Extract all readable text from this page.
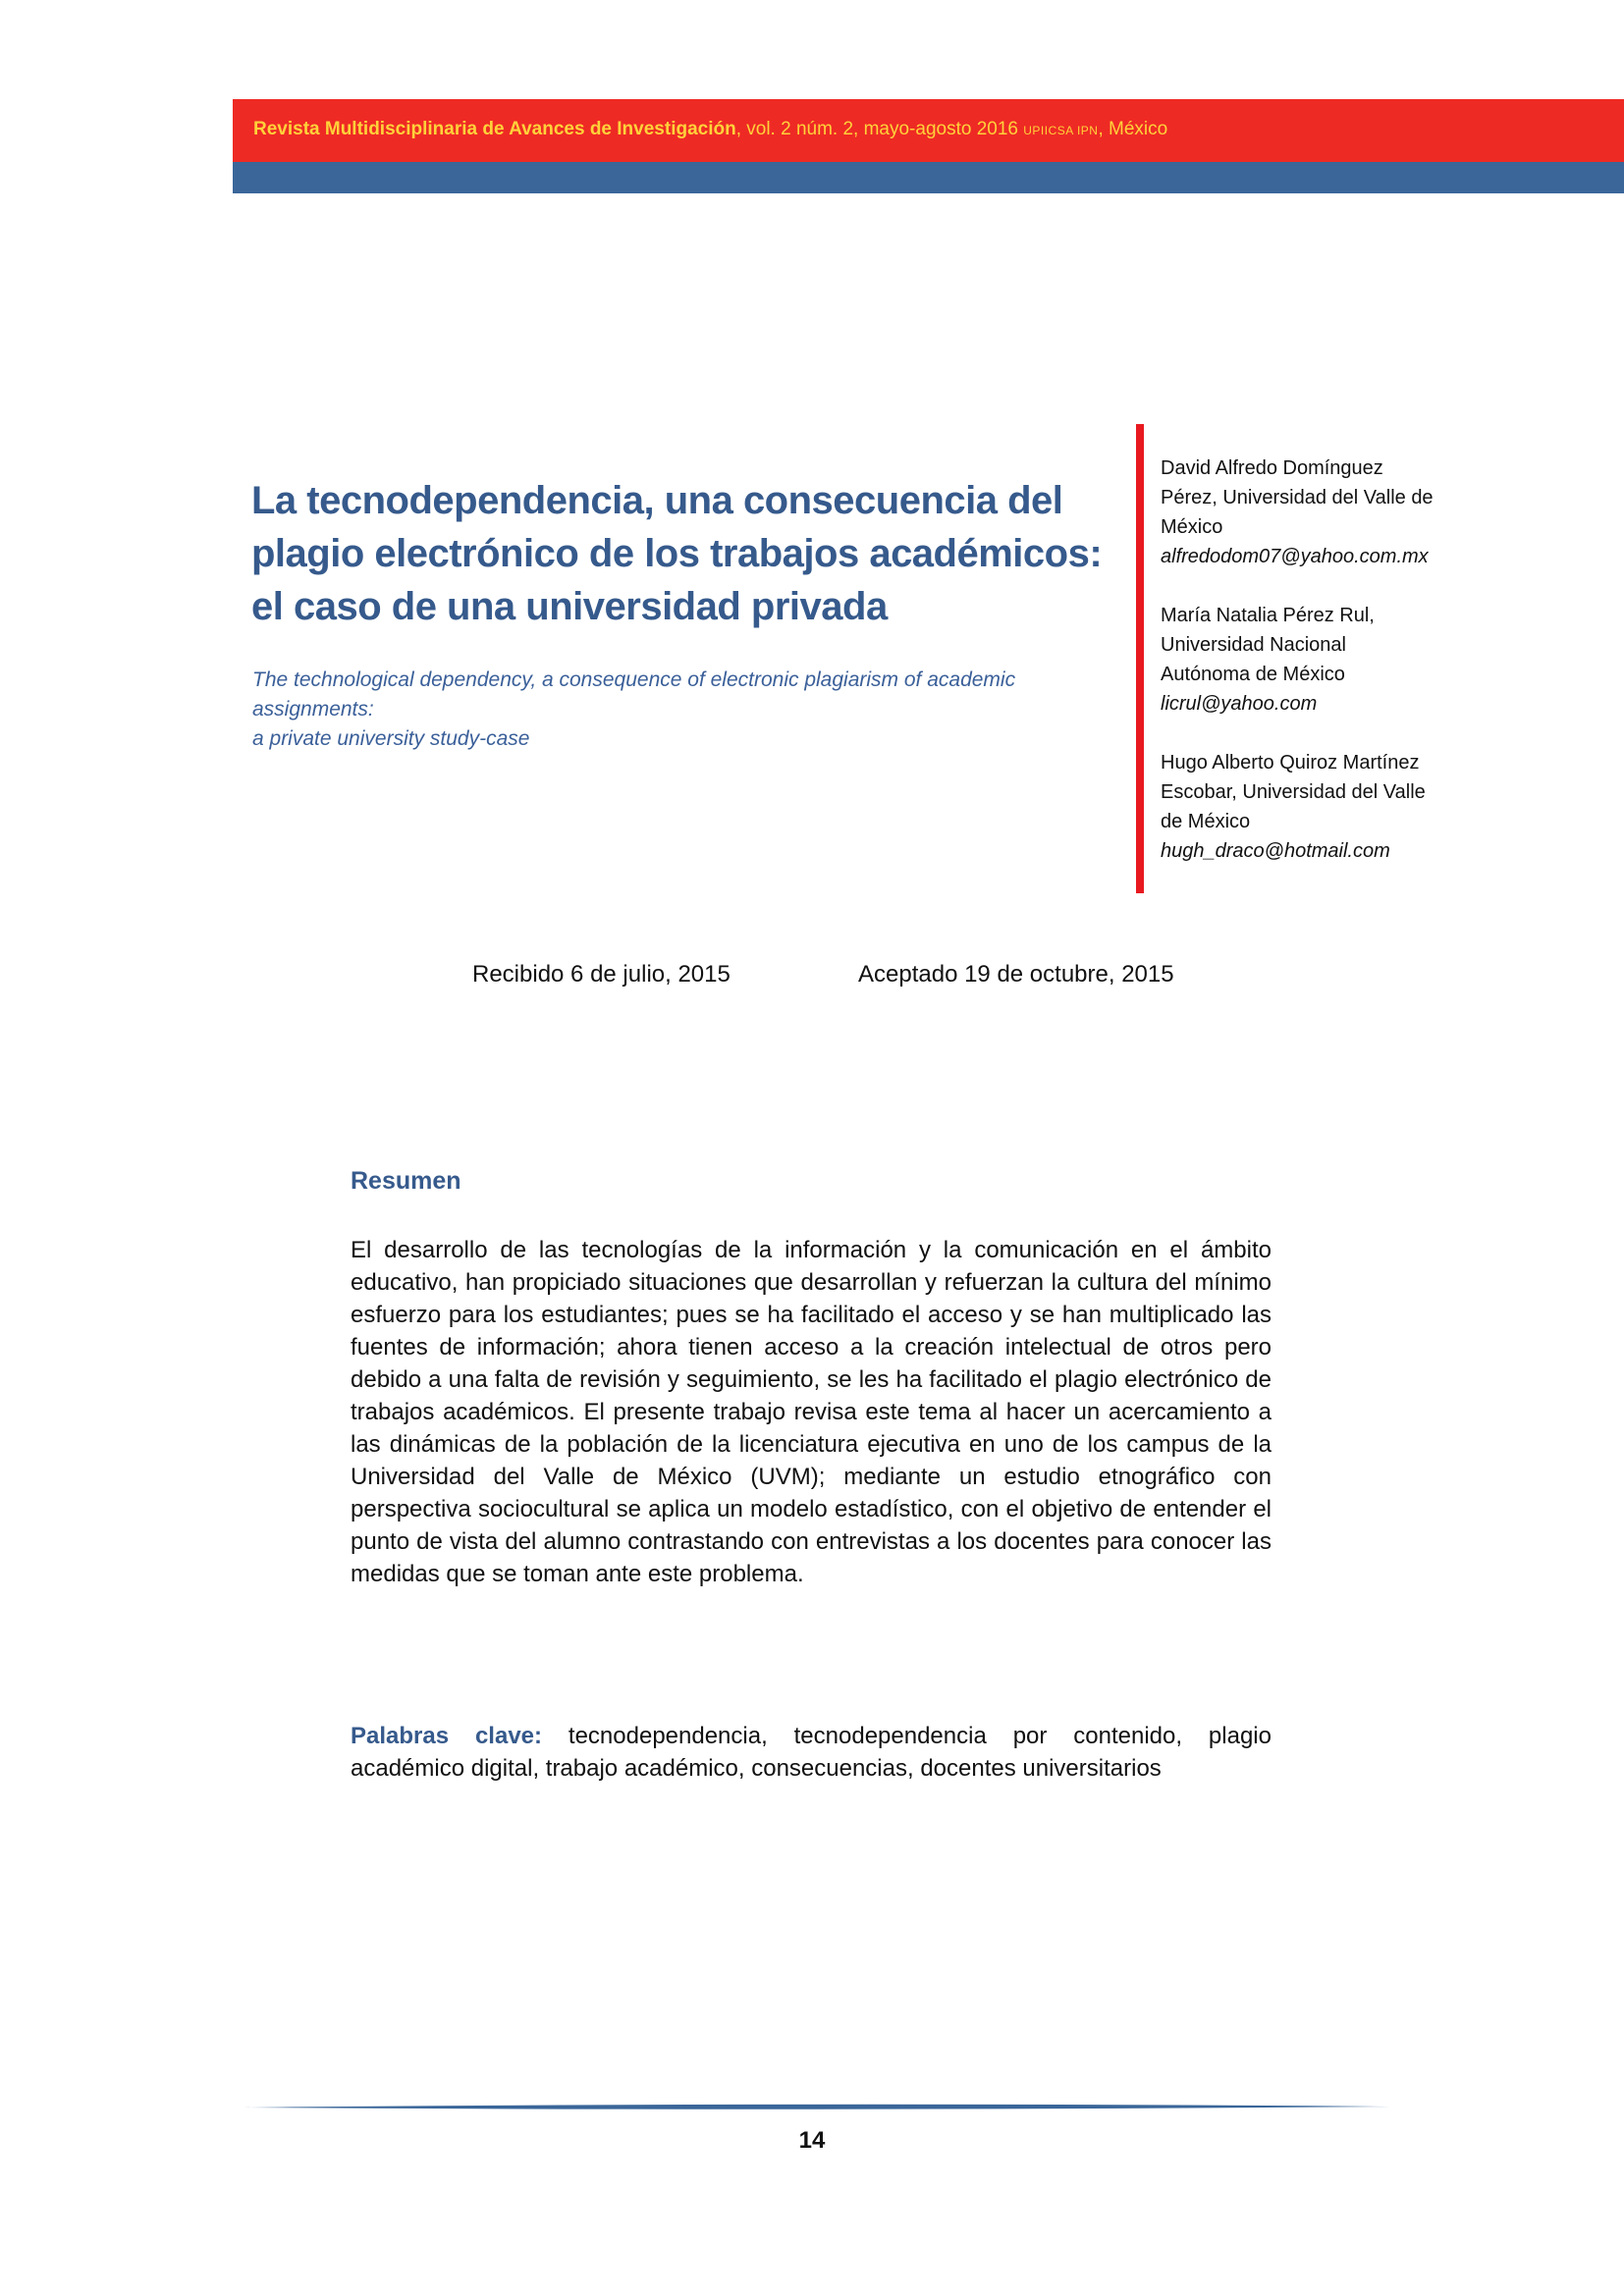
Revista Multidisciplinaria de Avances de Investigación, vol. 2 núm. 2, mayo-agosto 2016 UPIICSA IPN, México
La tecnodependencia, una consecuencia del
plagio electrónico de los trabajos académicos:
el caso de una universidad privada

The technological dependency, a consequence of electronic plagiarism of academic assignments:
a private university study-case

David Alfredo Domínguez
Pérez, Universidad del Valle de
México
alfredodom07@yahoo.com.mx
María Natalia Pérez Rul,
Universidad Nacional
Autónoma de México
licrul@yahoo.com
Hugo Alberto Quiroz Martínez
Escobar, Universidad del Valle
de México
hugh_draco@hotmail.com
Recibido 6 de julio, 2015	Aceptado 19 de octubre, 2015
Resumen

El desarrollo de las tecnologías de la información y la comunicación en el ámbito educativo, han propiciado situaciones que desarrollan y refuerzan la cultura del mínimo esfuerzo para los estudiantes; pues se ha facilitado el acceso y se han multiplicado las fuentes de información; ahora tienen acceso a la creación intelectual de otros pero debido a una falta de revisión y seguimiento, se les ha facilitado el plagio electrónico de trabajos académicos. El presente trabajo revisa este tema al hacer un acercamiento a las dinámicas de la población de la licenciatura ejecutiva en uno de los campus de la Universidad del Valle de México (UVM); mediante un estudio etnográfico con perspectiva sociocultural se aplica un modelo estadístico, con el objetivo de entender el punto de vista del alumno contrastando con entrevistas a los docentes para conocer las medidas que se toman ante este problema.

Palabras clave: tecnodependencia, tecnodependencia por contenido, plagio académico digital, trabajo académico, consecuencias, docentes universitarios

14
